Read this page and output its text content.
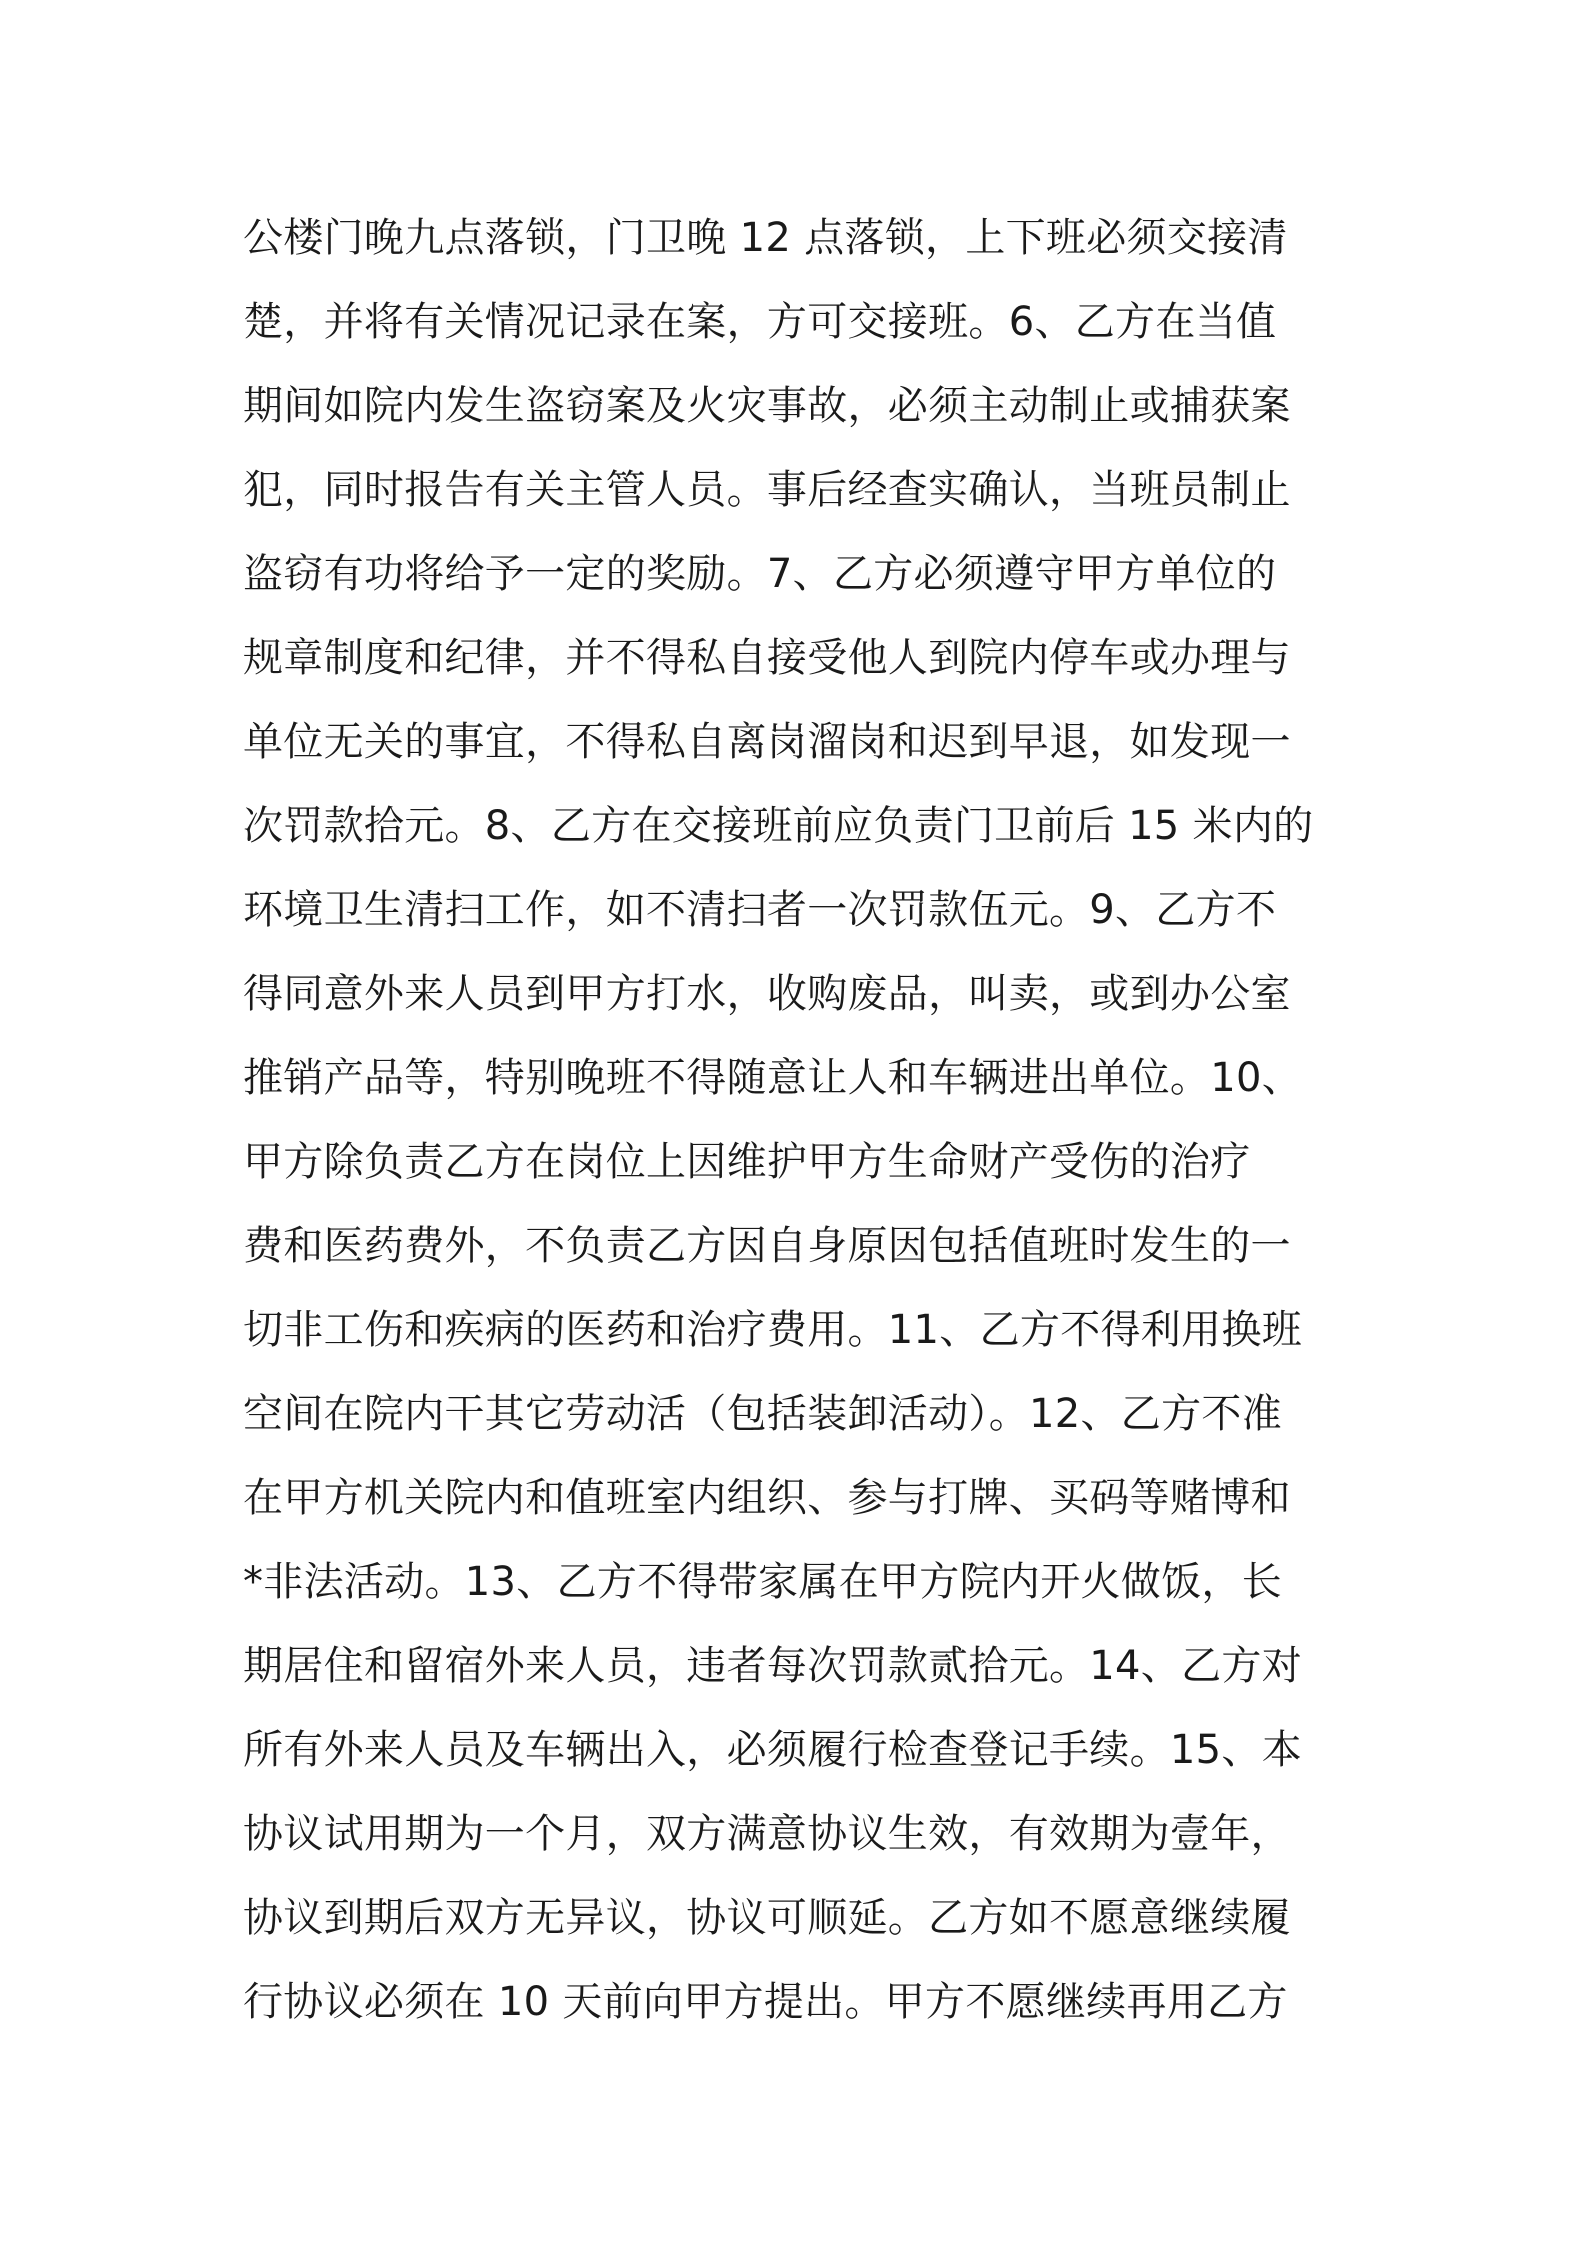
公楼门晚九点落锁，门卫晚 12 点落锁，上下班必须交接清
楚，并将有关情况记录在案，方可交接班。6、乙方在当值
期间如院内发生盗窃案及火灾事故，必须主动制止或捕获案
犯，同时报告有关主管人员。事后经查实确认，当班员制止
盗窃有功将给予一定的奖励。7、乙方必须遵守甲方单位的
规章制度和纪律，并不得私自接受他人到院内停车或办理与
单位无关的事宜，不得私自离岗溜岗和迟到早退，如发现一
次罚款拾元。8、乙方在交接班前应负责门卫前后 15 米内的
环境卫生清扫工作，如不清扫者一次罚款伍元。9、乙方不
得同意外来人员到甲方打水，收购废品，叫卖，或到办公室
推销产品等，特别晚班不得随意让人和车辆进出单位。10、
甲方除负责乙方在岗位上因维护甲方生命财产受伤的治疗
费和医药费外，不负责乙方因自身原因包括值班时发生的一
切非工伤和疾病的医药和治疗费用。11、乙方不得利用换班
空间在院内干其它劳动活（包括装卸活动）。12、乙方不准
在甲方机关院内和值班室内组织、参与打牌、买码等赌博和
*非法活动。13、乙方不得带家属在甲方院内开火做饭，长
期居住和留宿外来人员，违者每次罚款贰拾元。14、乙方对
所有外来人员及车辆出入，必须履行检查登记手续。15、本
协议试用期为一个月，双方满意协议生效，有效期为壹年，
协议到期后双方无异议，协议可顺延。乙方如不愿意继续履
行协议必须在 10 天前向甲方提出。甲方不愿继续再用乙方
